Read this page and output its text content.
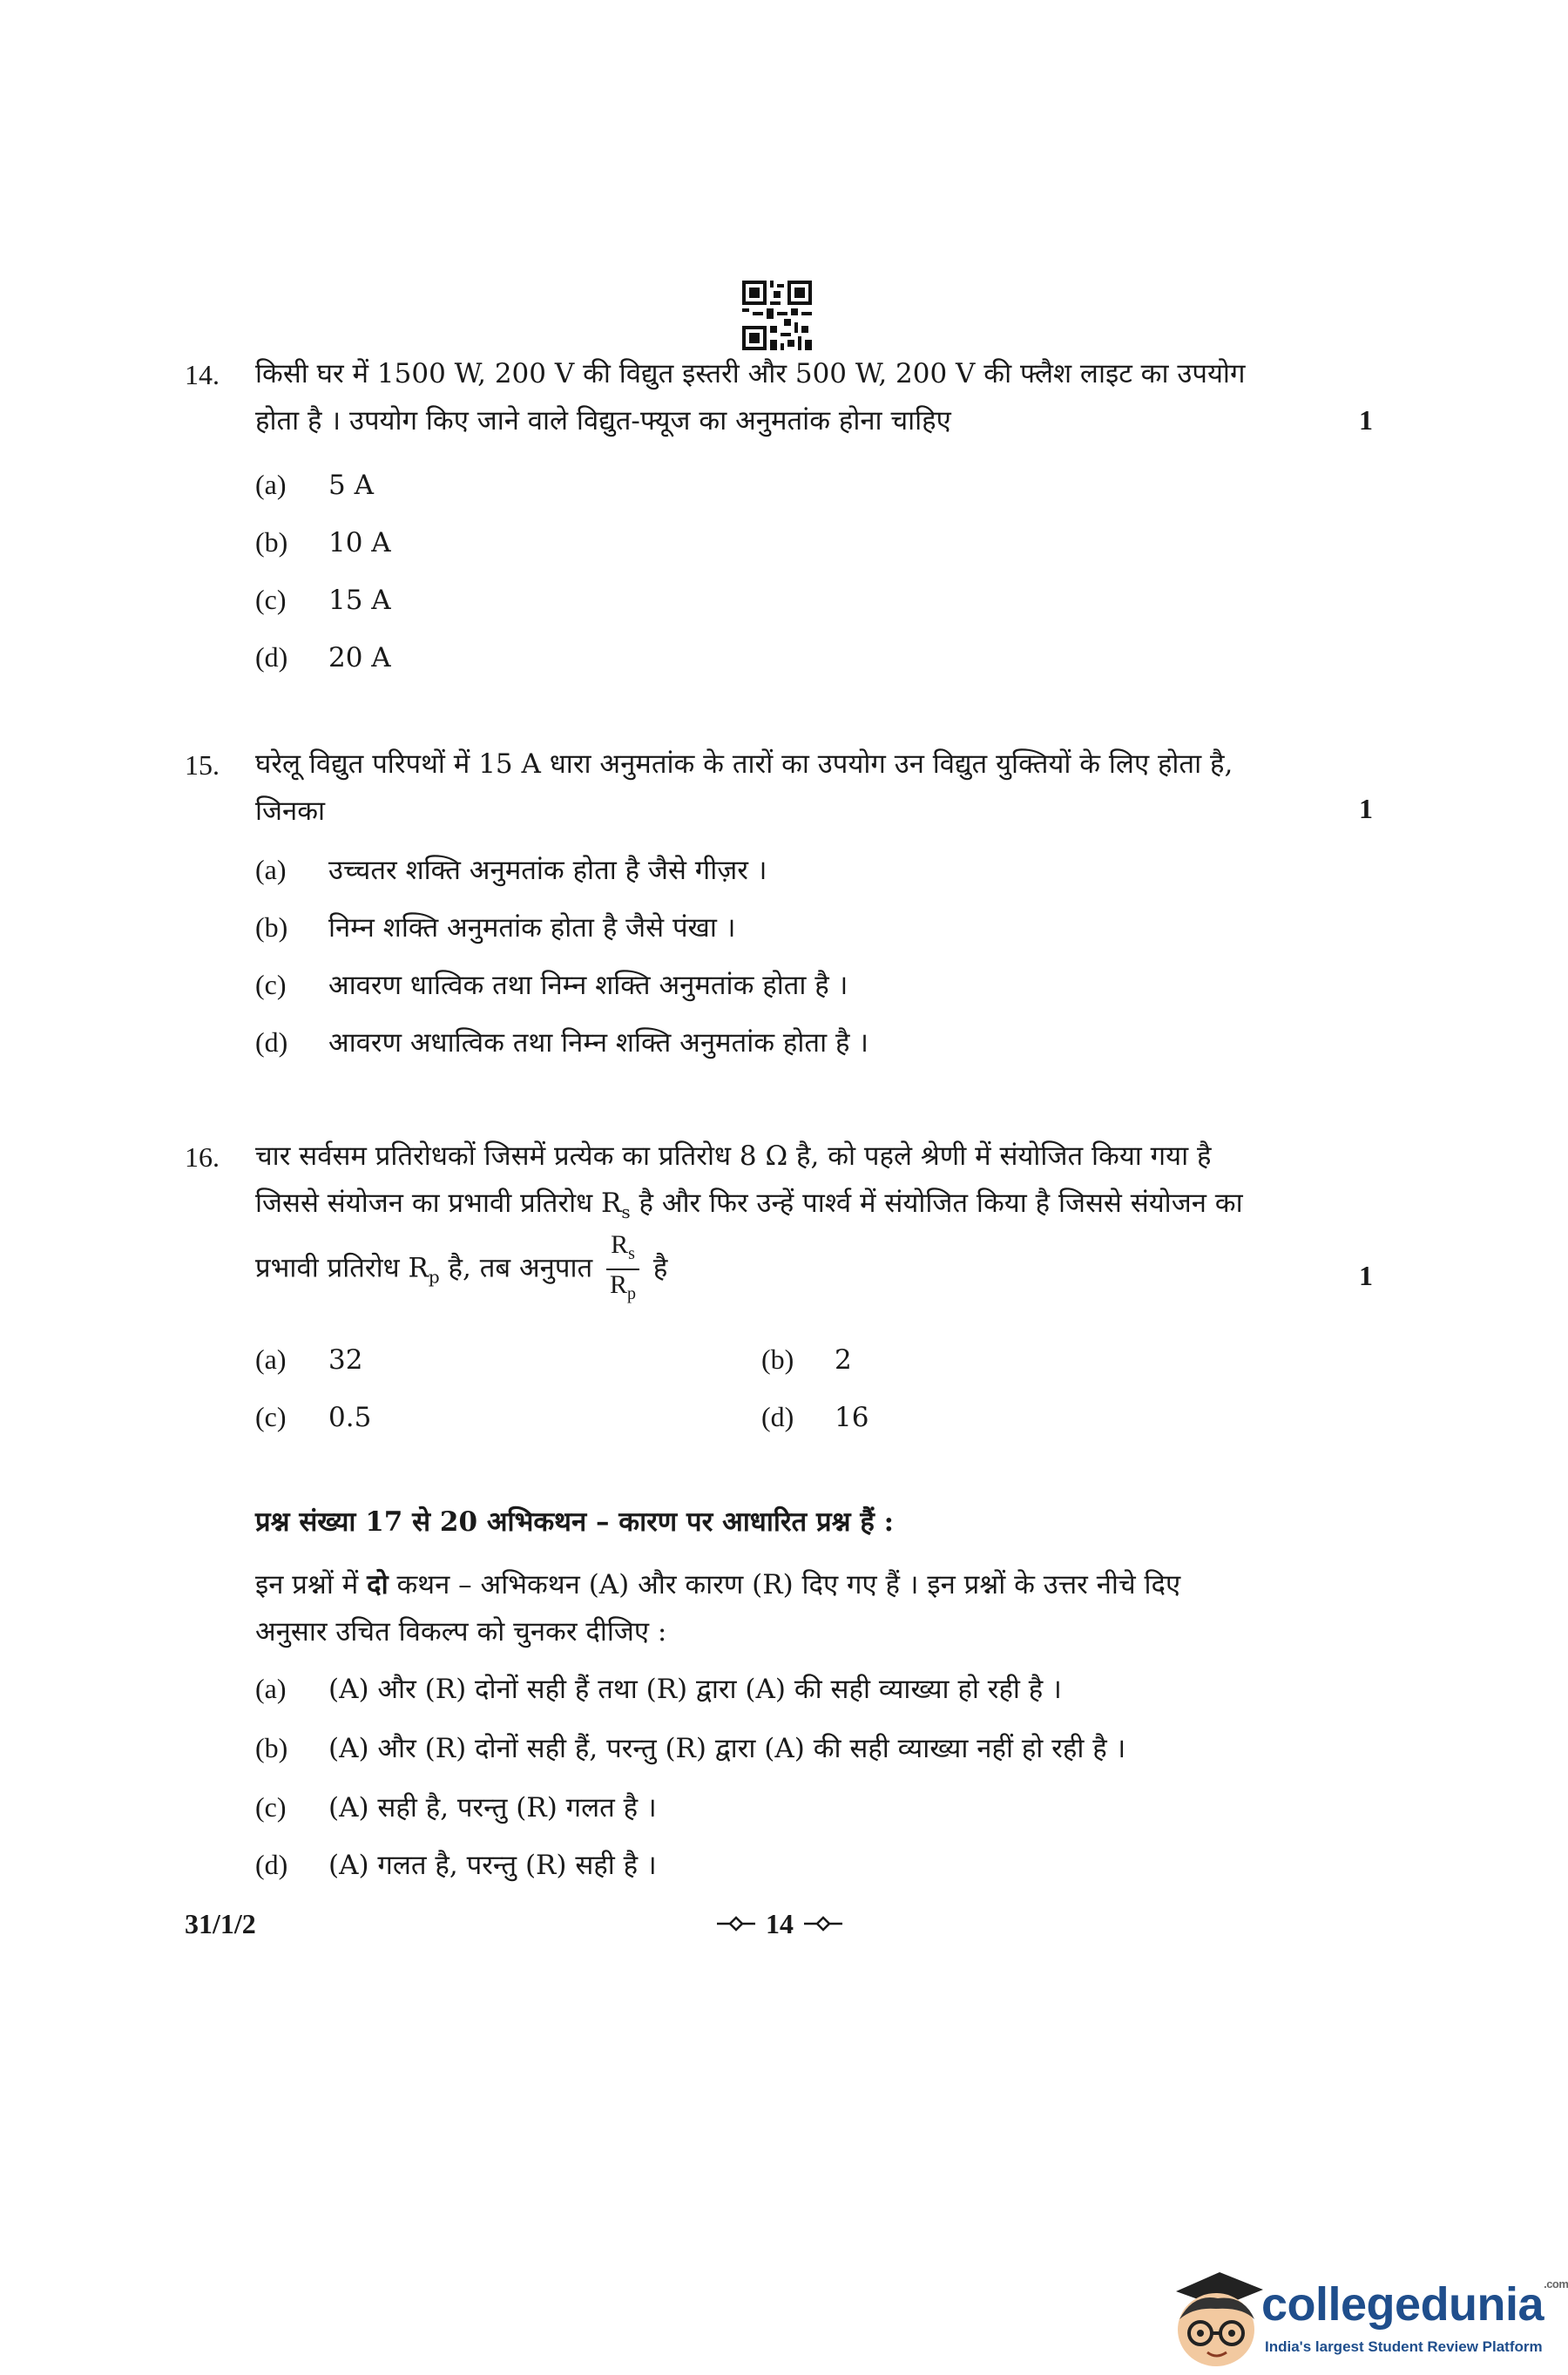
14. किसी घर में 1500 W, 200 V की विद्युत इस्तरी और 500 W, 200 V की फ्लैश लाइट का उपयोग
होता है । उपयोग किए जाने वाले विद्युत-फ्यूज का अनुमतांक होना चाहिए	1
(a) 5 A
(b) 10 A
(c) 15 A
(d) 20 A
15. घरेलू विद्युत परिपथों में 15 A धारा अनुमतांक के तारों का उपयोग उन विद्युत युक्तियों के लिए होता है,
जिनका	1
(a) उच्चतर शक्ति अनुमतांक होता है जैसे गीज़र ।
(b) निम्न शक्ति अनुमतांक होता है जैसे पंखा ।
(c) आवरण धात्विक तथा निम्न शक्ति अनुमतांक होता है ।
(d) आवरण अधात्विक तथा निम्न शक्ति अनुमतांक होता है ।
16. चार सर्वसम प्रतिरोधकों जिसमें प्रत्येक का प्रतिरोध 8 Ω है, को पहले श्रेणी में संयोजित किया गया है
जिससे संयोजन का प्रभावी प्रतिरोध $R_s$ है और फिर उन्हें पार्श्व में संयोजित किया है जिससे संयोजन का
प्रभावी प्रतिरोध $R_p$ है, तब अनुपात $\frac{R_s}{R_p}$ है	1
(a) 32	(b) 2
(c) 0.5	(d) 16
प्रश्न संख्या 17 से 20 अभिकथन – कारण पर आधारित प्रश्न हैं :
इन प्रश्नों में दो कथन – अभिकथन (A) और कारण (R) दिए गए हैं । इन प्रश्नों के उत्तर नीचे दिए
अनुसार उचित विकल्प को चुनकर दीजिए :
(a) (A) और (R) दोनों सही हैं तथा (R) द्वारा (A) की सही व्याख्या हो रही है ।
(b) (A) और (R) दोनों सही हैं, परन्तु (R) द्वारा (A) की सही व्याख्या नहीं हो रही है ।
(c) (A) सही है, परन्तु (R) गलत है ।
(d) (A) गलत है, परन्तु (R) सही है ।
31/1/2	14
collegedunia$^{.com}$
India's largest Student Review Platform
